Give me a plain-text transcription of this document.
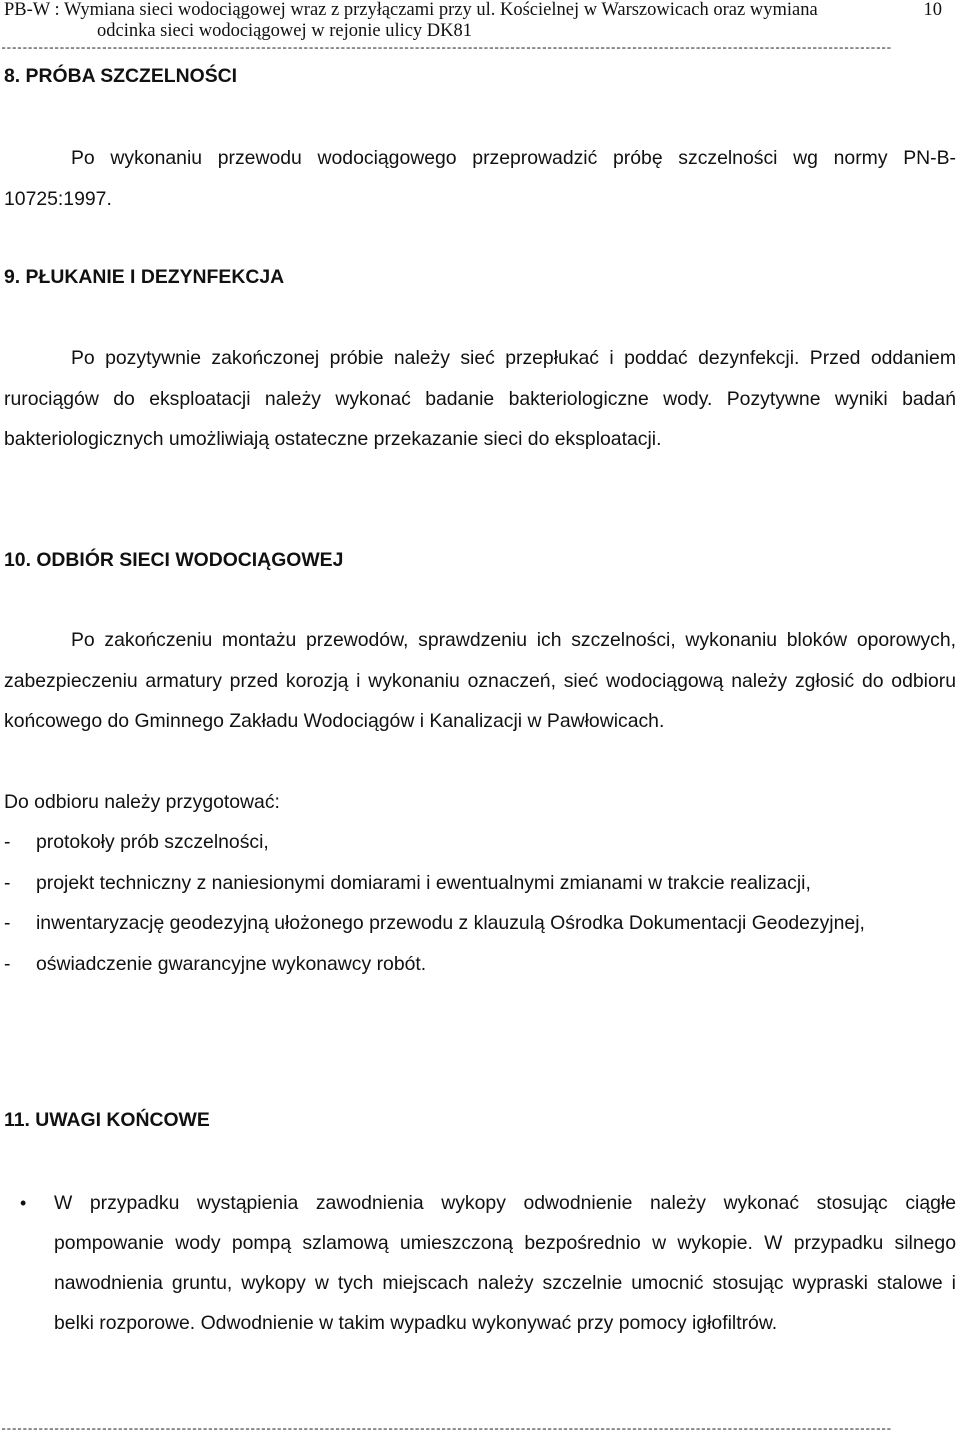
PB-W : Wymiana sieci wodociągowej wraz z przyłączami przy ul. Kościelnej w Warszowicach oraz wymiana
odcinka sieci wodociągowej w rejonie ulicy DK81
10
------------------------------------------------------------------------------------------------------------------------------------------------------------------------
8. PRÓBA SZCZELNOŚCI

Po wykonaniu przewodu wodociągowego przeprowadzić próbę szczelności wg normy PN-B-10725:1997.

9. PŁUKANIE I DEZYNFEKCJA

Po pozytywnie zakończonej próbie należy sieć przepłukać i poddać dezynfekcji. Przed oddaniem rurociągów do eksploatacji należy wykonać badanie bakteriologiczne wody. Pozytywne wyniki badań bakteriologicznych umożliwiają ostateczne przekazanie sieci do eksploatacji.

10. ODBIÓR SIECI WODOCIĄGOWEJ

Po zakończeniu montażu przewodów, sprawdzeniu ich szczelności, wykonaniu bloków oporowych, zabezpieczeniu armatury przed korozją i wykonaniu oznaczeń, sieć wodociągową należy zgłosić do odbioru końcowego do Gminnego Zakładu Wodociągów i Kanalizacji w Pawłowicach.

Do odbioru należy przygotować:

- protokoły prób szczelności,
- projekt techniczny z naniesionymi domiarami i ewentualnymi zmianami w trakcie realizacji,
- inwentaryzację geodezyjną ułożonego przewodu z klauzulą Ośrodka Dokumentacji Geodezyjnej,
- oświadczenie gwarancyjne wykonawcy robót.
11. UWAGI KOŃCOWE
• W przypadku wystąpienia zawodnienia wykopy odwodnienie należy wykonać stosując ciągłe pompowanie wody pompą szlamową umieszczoną bezpośrednio w wykopie. W przypadku silnego nawodnienia gruntu, wykopy w tych miejscach należy szczelnie umocnić stosując wypraski stalowe i belki rozporowe. Odwodnienie w takim wypadku wykonywać przy pomocy igłofiltrów.
------------------------------------------------------------------------------------------------------------------------------------------------------------------------
